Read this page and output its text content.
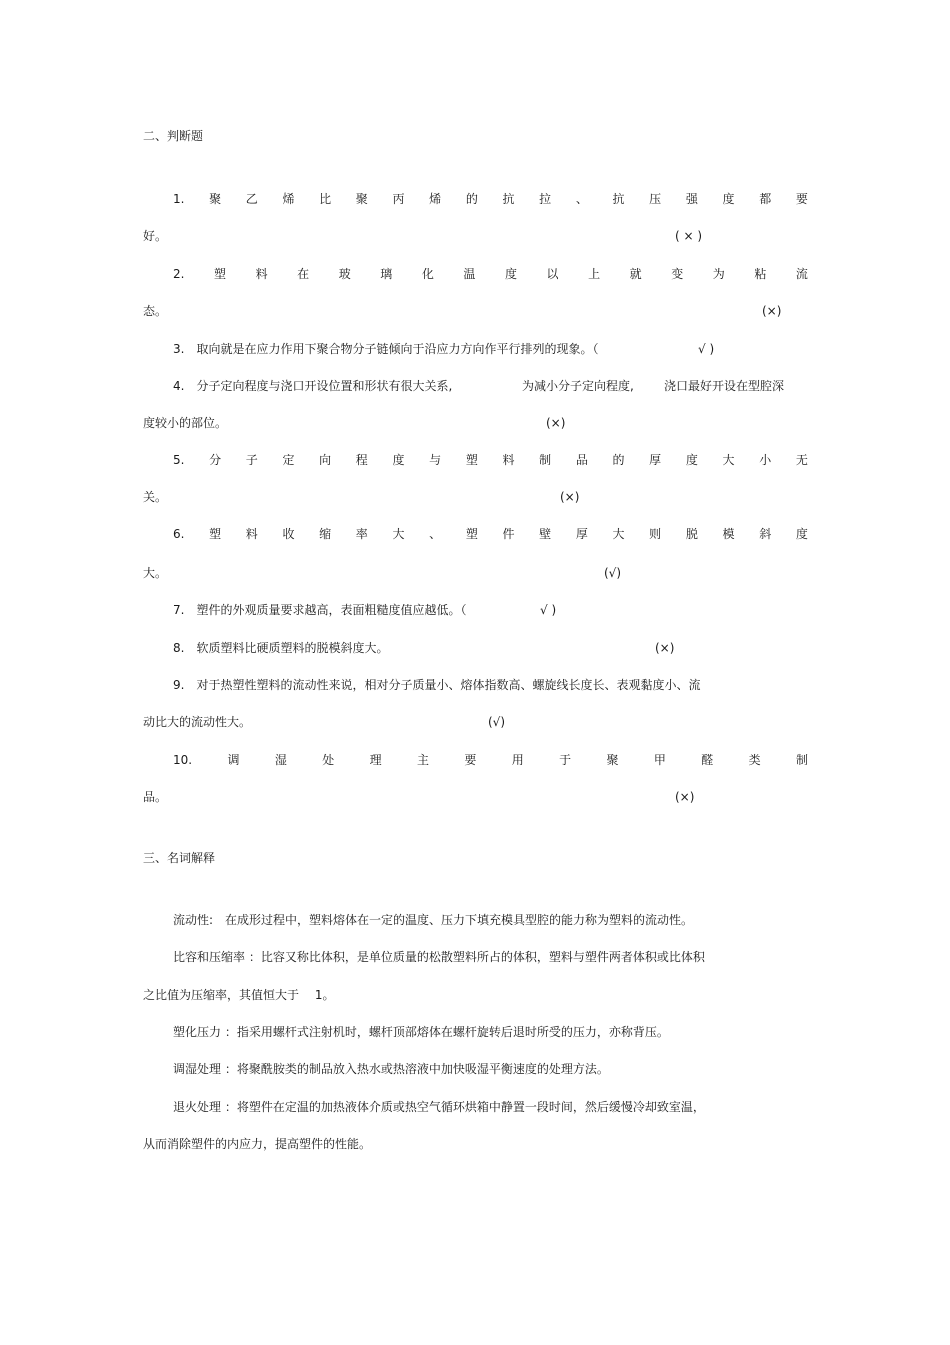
二、判断题
1. 聚 乙 烯 比 聚 丙 烯 的 抗 拉 、 抗 压 强 度 都 要
好。	( × )
2. 塑 料 在 玻 璃 化 温 度 以 上 就 变 为 粘 流
态。	(×)
3.　取向就是在应力作用下聚合物分子链倾向于沿应力方向作平行排列的现象。（	√ )
4.　分子定向程度与浇口开设位置和形状有很大关系,	为减小分子定向程度,	浇口最好开设在型腔深
度较小的部位。	(×)
5. 分 子 定 向 程 度 与 塑 料 制 品 的 厚 度 大 小 无
关。	(×)
6. 塑 料 收 缩 率 大 、 塑 件 壁 厚 大 则 脱 模 斜 度
大。	(√)
7.　塑件的外观质量要求越高，表面粗糙度值应越低。（	√ )
8.　软质塑料比硬质塑料的脱模斜度大。	(×)
9.　对于热塑性塑料的流动性来说，相对分子质量小、熔体指数高、螺旋线长度长、表观黏度小、流
动比大的流动性大。	(√)
10.	调	湿	处	理	主	要	用	于	聚	甲	醛	类	制
品。	(×)
三、名词解释
流动性:　在成形过程中，塑料熔体在一定的温度、压力下填充模具型腔的能力称为塑料的流动性。
比容和压缩率 ：比容又称比体积，是单位质量的松散塑料所占的体积，塑料与塑件两者体积或比体积
之比值为压缩率，其值恒大于　 1。
塑化压力 ：指采用螺杆式注射机时，螺杆顶部熔体在螺杆旋转后退时所受的压力，亦称背压。
调湿处理 ：将聚酰胺类的制品放入热水或热溶液中加快吸湿平衡速度的处理方法。
退火处理 ：将塑件在定温的加热液体介质或热空气循环烘箱中静置一段时间，然后缓慢冷却致室温，
从而消除塑件的内应力，提高塑件的性能。
